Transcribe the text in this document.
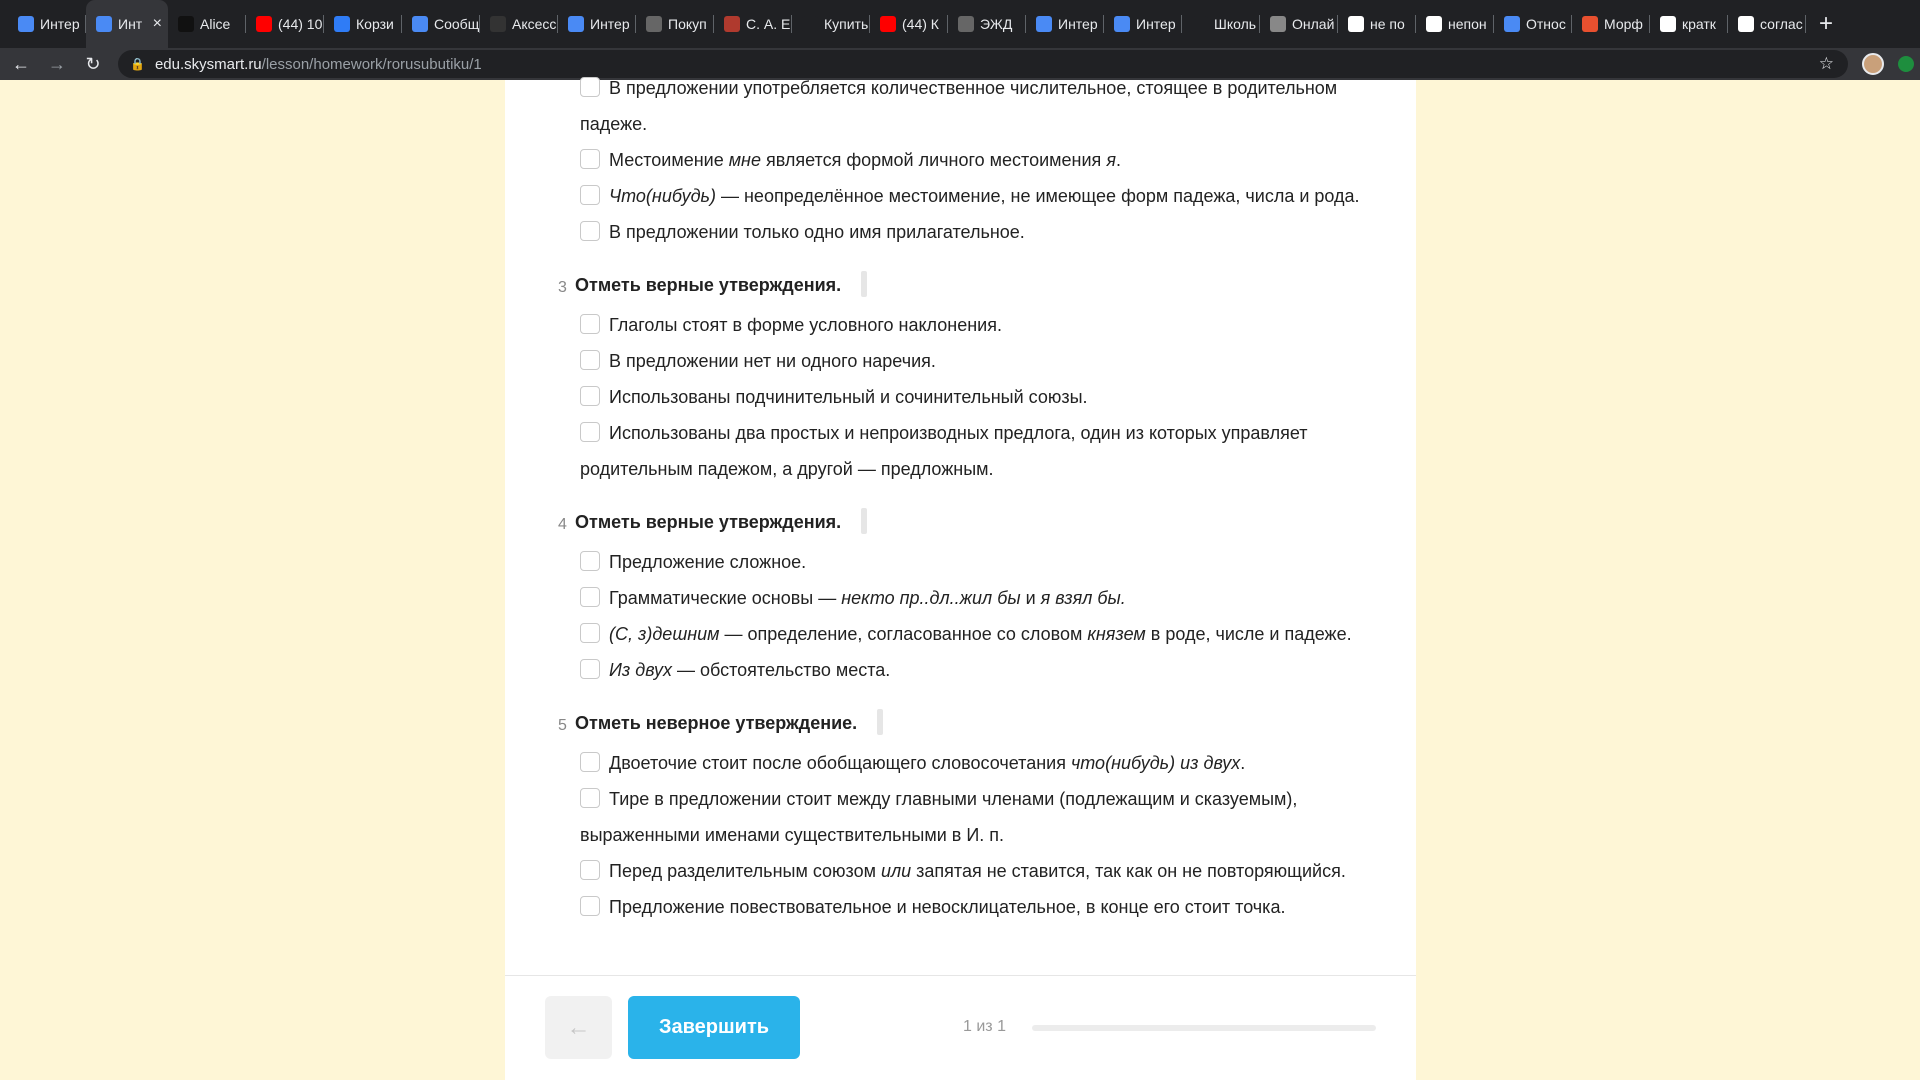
Интер	Инт ×	Alice	(44) 10 Корзи	Сообщ Аксесс Интер	Покуп	С. А. Е Купить (44) К	ЭЖД	Интер	Интер	Школь	Онлай	не по	непон	Относ	Морф	кратк	соглас +
←	→	↻	🔒 edu.skysmart.ru /lesson/homework/rorusubutiku/1	☆
В предложении употребляется количественное числительное, стоящее в родительном
падеже.
Местоимение мне является формой личного местоимения я.
Что(нибудь) — неопределённое местоимение, не имеющее форм падежа, числа и рода.
В предложении только одно имя прилагательное.
3 Отметь верные утверждения.
Глаголы стоят в форме условного наклонения.
В предложении нет ни одного наречия.
Использованы подчинительный и сочинительный союзы.
Использованы два простых и непроизводных предлога, один из которых управляет
родительным падежом, а другой — предложным.
4 Отметь верные утверждения.
Предложение сложное.
Грамматические основы — некто пр..дл..жил бы и я взял бы.
(С, з)дешним — определение, согласованное со словом князем в роде, числе и падеже.
Из двух — обстоятельство места.
5 Отметь неверное утверждение.
Двоеточие стоит после обобщающего словосочетания что(нибудь) из двух.
Тире в предложении стоит между главными членами (подлежащим и сказуемым),
выраженными именами существительными в И. п.
Перед разделительным союзом или запятая не ставится, так как он не повторяющийся.
Предложение повествовательное и невосклицательное, в конце его стоит точка.
←	Завершить	1 из 1
